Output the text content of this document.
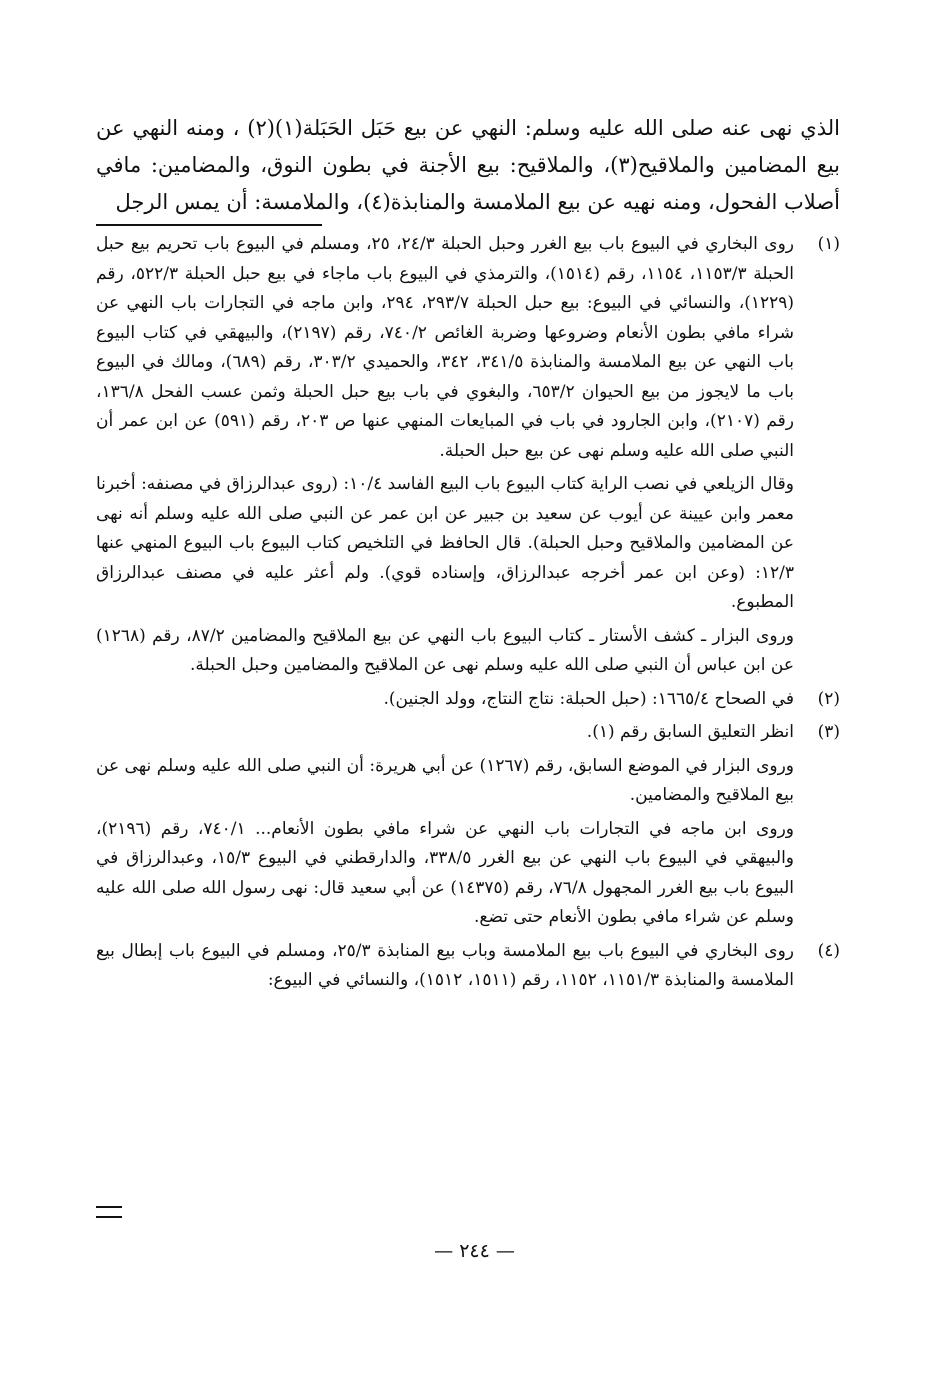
الذي نهى عنه صلى الله عليه وسلم: النهي عن بيع حَبَل الحَبَلة(١)(٢) ، ومنه النهي عن بيع المضامين والملاقيح(٣)، والملاقيح: بيع الأجنة في بطون النوق، والمضامين: مافي أصلاب الفحول، ومنه نهيه عن بيع الملامسة والمنابذة(٤)، والملامسة: أن يمس الرجل

(١)

روى البخاري في البيوع باب بيع الغرر وحبل الحبلة ٢٤/٣، ٢٥، ومسلم في البيوع باب تحريم بيع حبل الحبلة ١١٥٣/٣، ١١٥٤، رقم (١٥١٤)، والترمذي في البيوع باب ماجاء في بيع حبل الحبلة ٥٢٢/٣، رقم (١٢٢٩)، والنسائي في البيوع: بيع حبل الحبلة ٢٩٣/٧، ٢٩٤، وابن ماجه في التجارات باب النهي عن شراء مافي بطون الأنعام وضروعها وضربة الغائص ٧٤٠/٢، رقم (٢١٩٧)، والبيهقي في كتاب البيوع باب النهي عن بيع الملامسة والمنابذة ٣٤١/٥، ٣٤٢، والحميدي ٣٠٣/٢، رقم (٦٨٩)، ومالك في البيوع باب ما لايجوز من بيع الحيوان ٦٥٣/٢، والبغوي في باب بيع حبل الحبلة وثمن عسب الفحل ١٣٦/٨، رقم (٢١٠٧)، وابن الجارود في باب في المبايعات المنهي عنها ص ٢٠٣، رقم (٥٩١) عن ابن عمر أن النبي صلى الله عليه وسلم نهى عن بيع حبل الحبلة.

وقال الزيلعي في نصب الراية كتاب البيوع باب البيع الفاسد ١٠/٤: (روى عبدالرزاق في مصنفه: أخبرنا معمر وابن عيينة عن أيوب عن سعيد بن جبير عن ابن عمر عن النبي صلى الله عليه وسلم أنه نهى عن المضامين والملاقيح وحبل الحبلة). قال الحافظ في التلخيص كتاب البيوع باب البيوع المنهي عنها ١٢/٣: (وعن ابن عمر أخرجه عبدالرزاق، وإسناده قوي). ولم أعثر عليه في مصنف عبدالرزاق المطبوع.

وروى البزار ـ كشف الأستار ـ كتاب البيوع باب النهي عن بيع الملاقيح والمضامين ٨٧/٢، رقم (١٢٦٨) عن ابن عباس أن النبي صلى الله عليه وسلم نهى عن الملاقيح والمضامين وحبل الحبلة.

(٢)

في الصحاح ١٦٦٥/٤: (حبل الحبلة: نتاج النتاج، وولد الجنين).

(٣)

انظر التعليق السابق رقم (١).

وروى البزار في الموضع السابق، رقم (١٢٦٧) عن أبي هريرة: أن النبي صلى الله عليه وسلم نهى عن بيع الملاقيح والمضامين.

وروى ابن ماجه في التجارات باب النهي عن شراء مافي بطون الأنعام... ٧٤٠/١، رقم (٢١٩٦)، والبيهقي في البيوع باب النهي عن بيع الغرر ٣٣٨/٥، والدارقطني في البيوع ١٥/٣، وعبدالرزاق في البيوع باب بيع الغرر المجهول ٧٦/٨، رقم (١٤٣٧٥) عن أبي سعيد قال: نهى رسول الله صلى الله عليه وسلم عن شراء مافي بطون الأنعام حتى تضع.

(٤)

روى البخاري في البيوع باب بيع الملامسة وباب بيع المنابذة ٢٥/٣، ومسلم في البيوع باب إبطال بيع الملامسة والمنابذة ١١٥١/٣، ١١٥٢، رقم (١٥١١، ١٥١٢)، والنسائي في البيوع:

— ٢٤٤ —
